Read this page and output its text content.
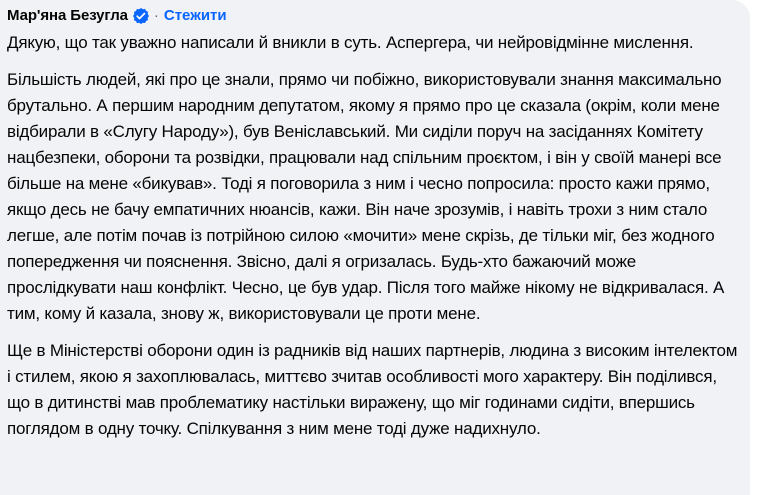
Мар'яна Безугла · Стежити

Дякую, що так уважно написали й вникли в суть. Аспергера, чи нейровідмінне мислення.

Більшість людей, які про це знали, прямо чи побіжно, використовували знання максимально брутально. А першим народним депутатом, якому я прямо про це сказала (окрім, коли мене відбирали в «Слугу Народу»), був Веніславський. Ми сиділи поруч на засіданнях Комітету нацбезпеки, оборони та розвідки, працювали над спільним проєктом, і він у своїй манері все більше на мене «бикував». Тоді я поговорила з ним і чесно попросила: просто кажи прямо, якщо десь не бачу емпатичних нюансів, кажи. Він наче зрозумів, і навіть трохи з ним стало легше, але потім почав із потрійною силою «мочити» мене скрізь, де тільки міг, без жодного попередження чи пояснення. Звісно, далі я огризалась. Будь-хто бажаючий може прослідкувати наш конфлікт. Чесно, це був удар. Після того майже нікому не відкривалася. А тим, кому й казала, знову ж, використовували це проти мене.

Ще в Міністерстві оборони один із радників від наших партнерів, людина з високим інтелектом і стилем, якою я захоплювалась, миттєво зчитав особливості мого характеру. Він поділився, що в дитинстві мав проблематику настільки виражену, що міг годинами сидіти, впершись поглядом в одну точку. Спілкування з ним мене тоді дуже надихнуло.
